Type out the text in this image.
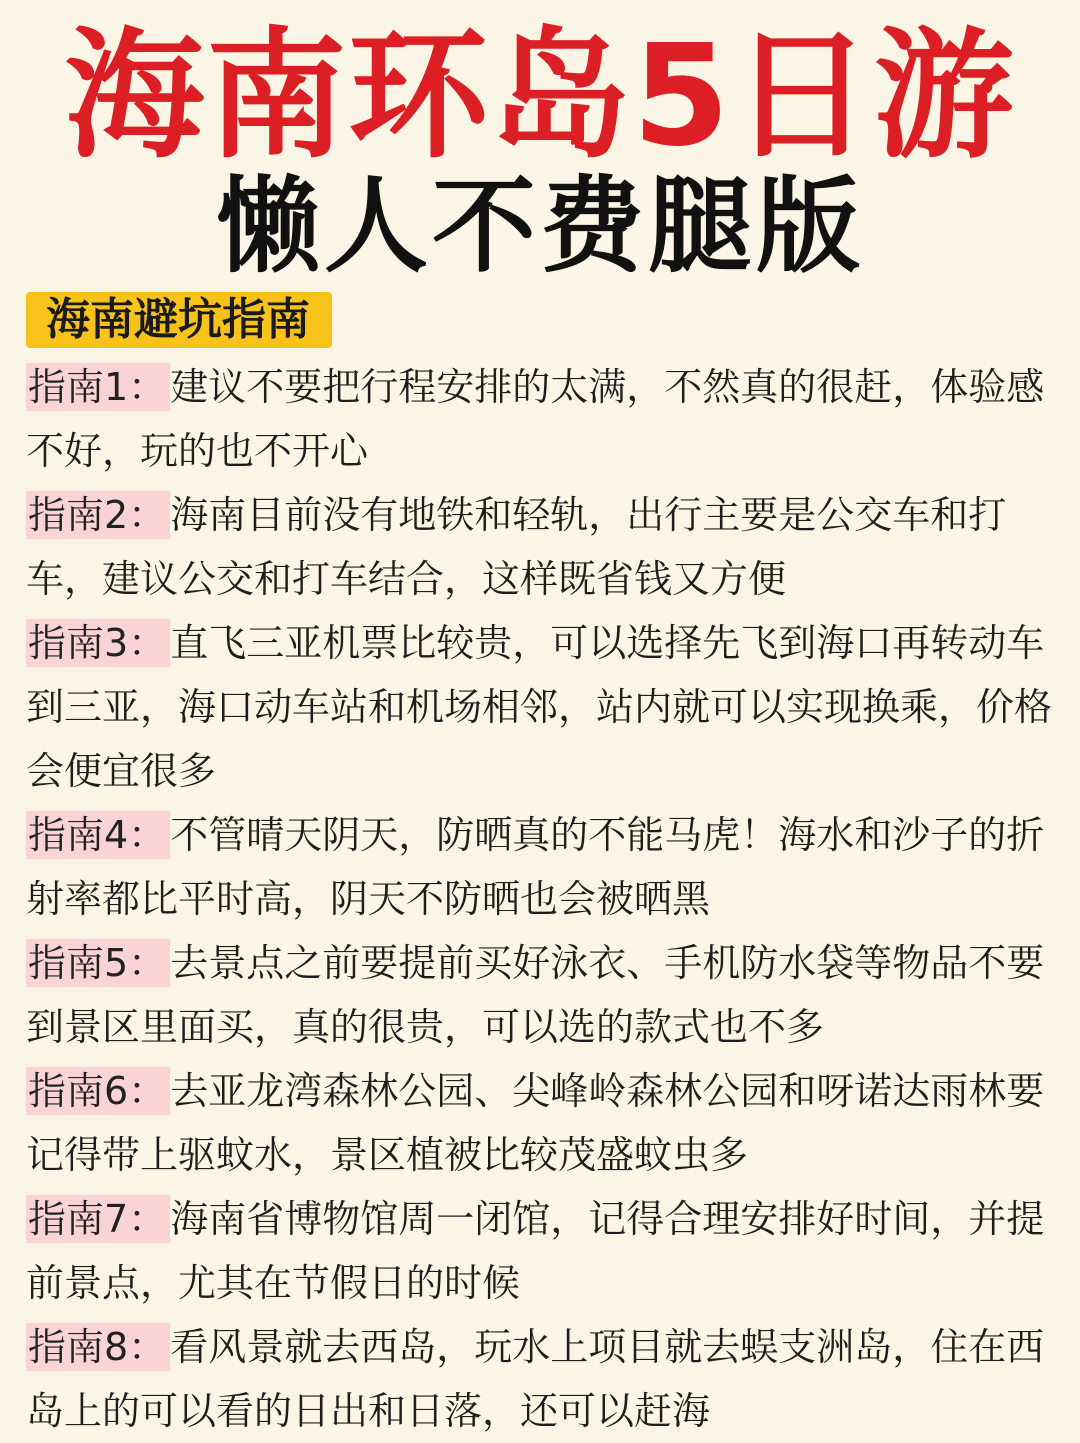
海南环岛5日游
懒人不费腿版
海南避坑指南
指南1： 建议不要把行程安排的太满，不然真的很赶，体验感不好，玩的也不开心
指南2： 海南目前没有地铁和轻轨，出行主要是公交车和打车，建议公交和打车结合，这样既省钱又方便
指南3： 直飞三亚机票比较贵，可以选择先飞到海口再转动车到三亚，海口动车站和机场相邻，站内就可以实现换乘，价格会便宜很多
指南4： 不管晴天阴天，防晒真的不能马虎！海水和沙子的折射率都比平时高，阴天不防晒也会被晒黑
指南5： 去景点之前要提前买好泳衣、手机防水袋等物品不要到景区里面买，真的很贵，可以选的款式也不多
指南6： 去亚龙湾森林公园、尖峰岭森林公园和呀诺达雨林要记得带上驱蚊水，景区植被比较茂盛蚊虫多
指南7： 海南省博物馆周一闭馆，记得合理安排好时间，并提前景点，尤其在节假日的时候
指南8： 看风景就去西岛，玩水上项目就去蜈支洲岛，住在西岛上的可以看的日出和日落，还可以赶海
